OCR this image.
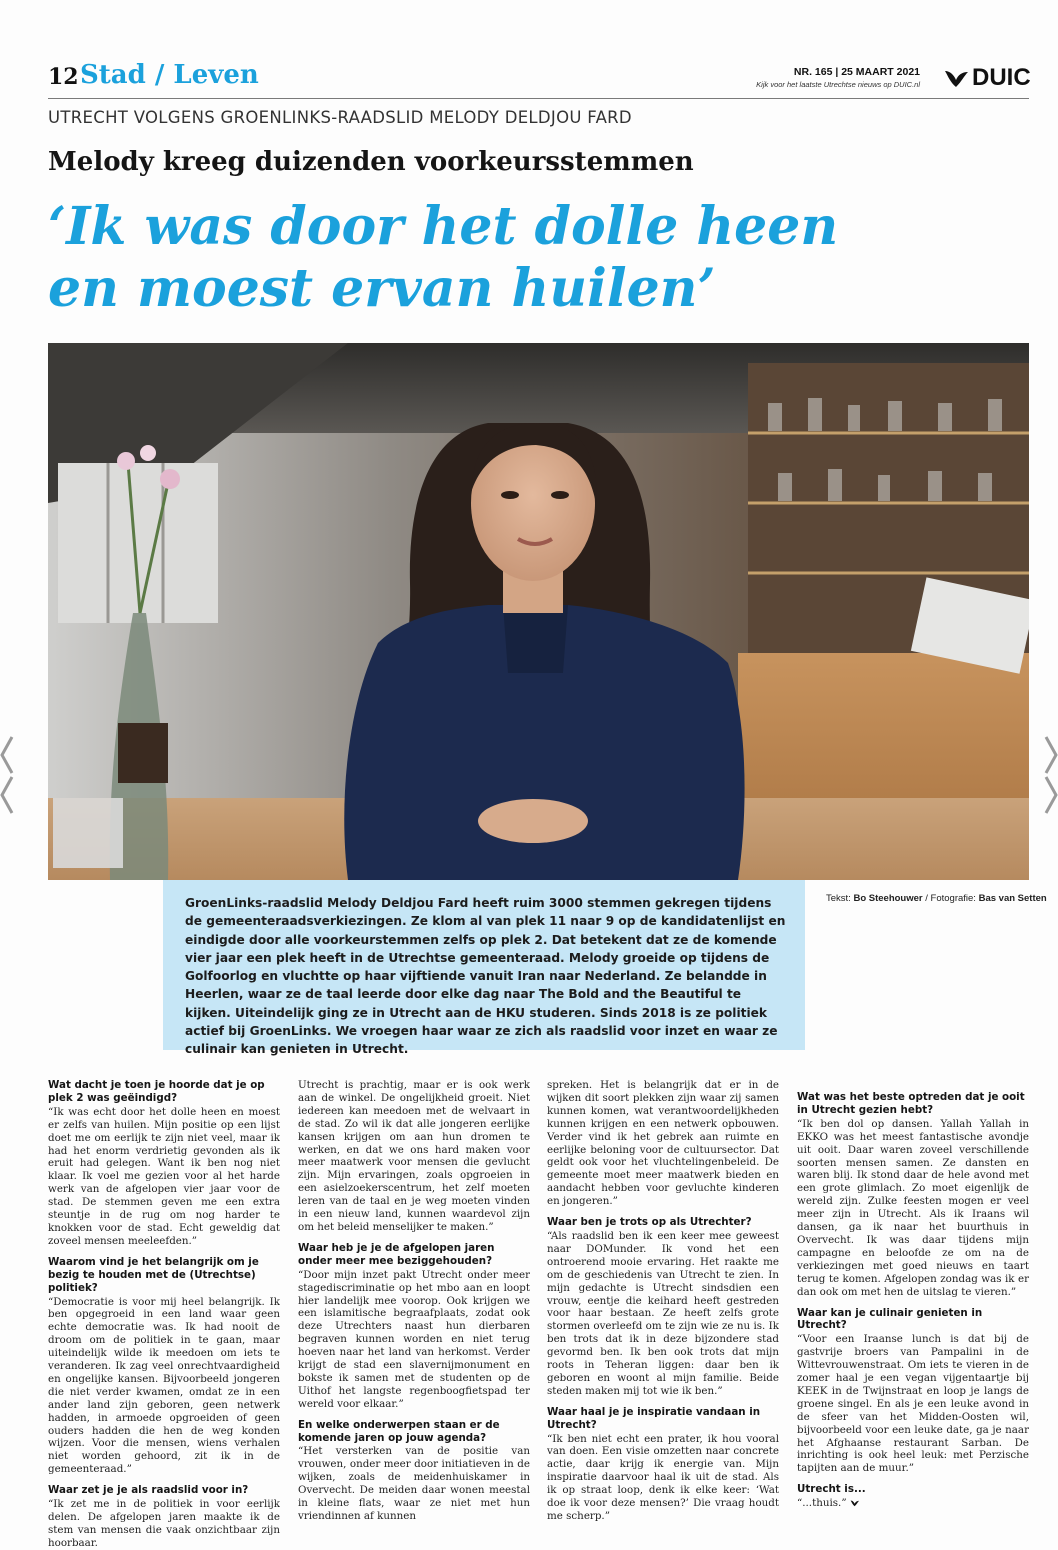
12 Stad / Leven	NR. 165 | 25 MAART 2021
Kijk voor het laatste Utrechtse nieuws op DUIC.nl DUIC
UTRECHT VOLGENS GROENLINKS-RAADSLID MELODY DELDJOU FARD
Melody kreeg duizenden voorkeursstemmen
‘Ik was door het dolle heen
en moest ervan huilen’
GroenLinks-raadslid Melody Deldjou Fard heeft ruim 3000 stemmen gekregen tijdens de gemeenteraadsverkiezingen. Ze klom al van plek 11 naar 9 op de kandidatenlijst en eindigde door alle voorkeurstemmen zelfs op plek 2. Dat betekent dat ze de komende vier jaar een plek heeft in de Utrechtse gemeenteraad. Melody groeide op tijdens de Golfoorlog en vluchtte op haar vijftiende vanuit Iran naar Nederland. Ze belandde in Heerlen, waar ze de taal leerde door elke dag naar The Bold and the Beautiful te kijken. Uiteindelijk ging ze in Utrecht aan de HKU studeren. Sinds 2018 is ze politiek actief bij GroenLinks. We vroegen haar waar ze zich als raadslid voor inzet en waar ze culinair kan genieten in Utrecht.
Tekst: Bo Steehouwer / Fotografie: Bas van Setten
Wat dacht je toen je hoorde dat je op plek 2 was geëindigd?

“Ik was echt door het dolle heen en moest er zelfs van huilen. Mijn positie op een lijst doet me om eerlijk te zijn niet veel, maar ik had het enorm verdrietig gevonden als ik eruit had gelegen. Want ik ben nog niet klaar. Ik voel me gezien voor al het harde werk van de afgelopen vier jaar voor de stad. De stemmen geven me een extra steuntje in de rug om nog harder te knokken voor de stad. Echt geweldig dat zoveel mensen meeleefden.”

Waarom vind je het belangrijk om je bezig te houden met de (Utrechtse) politiek?

“Democratie is voor mij heel belangrijk. Ik ben opgegroeid in een land waar geen echte democratie was. Ik had nooit de droom om de politiek in te gaan, maar uiteindelijk wilde ik meedoen om iets te veranderen. Ik zag veel onrechtvaardigheid en ongelijke kansen. Bijvoorbeeld jongeren die niet verder kwamen, omdat ze in een ander land zijn geboren, geen netwerk hadden, in armoede opgroeiden of geen ouders hadden die hen de weg konden wijzen. Voor die mensen, wiens verhalen niet worden gehoord, zit ik in de gemeenteraad.”

Waar zet je je als raadslid voor in?

“Ik zet me in de politiek in voor eerlijk delen. De afgelopen jaren maakte ik de stem van mensen die vaak onzichtbaar zijn hoorbaar.

Utrecht is prachtig, maar er is ook werk aan de winkel. De ongelijkheid groeit. Niet iedereen kan meedoen met de welvaart in de stad. Zo wil ik dat alle jongeren eerlijke kansen krijgen om aan hun dromen te werken, en dat we ons hard maken voor meer maatwerk voor mensen die gevlucht zijn. Mijn ervaringen, zoals opgroeien in een asielzoekerscentrum, het zelf moeten leren van de taal en je weg moeten vinden in een nieuw land, kunnen waardevol zijn om het beleid menselijker te maken.”

Waar heb je je de afgelopen jaren onder meer mee beziggehouden?

“Door mijn inzet pakt Utrecht onder meer stagediscriminatie op het mbo aan en loopt hier landelijk mee voorop. Ook krijgen we een islamitische begraafplaats, zodat ook deze Utrechters naast hun dierbaren begraven kunnen worden en niet terug hoeven naar het land van herkomst. Verder krijgt de stad een slavernijmonument en bokste ik samen met de studenten op de Uithof het langste regenboogfietspad ter wereld voor elkaar.”

En welke onderwerpen staan er de komende jaren op jouw agenda?

“Het versterken van de positie van vrouwen, onder meer door initiatieven in de wijken, zoals de meidenhuiskamer in Overvecht. De meiden daar wonen meestal in kleine flats, waar ze niet met hun vriendinnen af kunnen

spreken. Het is belangrijk dat er in de wijken dit soort plekken zijn waar zij samen kunnen komen, wat verantwoordelijkheden kunnen krijgen en een netwerk opbouwen. Verder vind ik het gebrek aan ruimte en eerlijke beloning voor de cultuursector. Dat geldt ook voor het vluchtelingenbeleid. De gemeente moet meer maatwerk bieden en aandacht hebben voor gevluchte kinderen en jongeren.”

Waar ben je trots op als Utrechter?

“Als raadslid ben ik een keer mee geweest naar DOMunder. Ik vond het een ontroerend mooie ervaring. Het raakte me om de geschiedenis van Utrecht te zien. In mijn gedachte is Utrecht sindsdien een vrouw, eentje die keihard heeft gestreden voor haar bestaan. Ze heeft zelfs grote stormen overleefd om te zijn wie ze nu is. Ik ben trots dat ik in deze bijzondere stad gevormd ben. Ik ben ook trots dat mijn roots in Teheran liggen: daar ben ik geboren en woont al mijn familie. Beide steden maken mij tot wie ik ben.”

Waar haal je je inspiratie vandaan in Utrecht?

“Ik ben niet echt een prater, ik hou vooral van doen. Een visie omzetten naar concrete actie, daar krijg ik energie van. Mijn inspiratie daarvoor haal ik uit de stad. Als ik op straat loop, denk ik elke keer: ‘Wat doe ik voor deze mensen?’ Die vraag houdt me scherp.”

Wat was het beste optreden dat je ooit in Utrecht gezien hebt?

“Ik ben dol op dansen. Yallah Yallah in EKKO was het meest fantastische avondje uit ooit. Daar waren zoveel verschillende soorten mensen samen. Ze dansten en waren blij. Ik stond daar de hele avond met een grote glimlach. Zo moet eigenlijk de wereld zijn. Zulke feesten mogen er veel meer zijn in Utrecht. Als ik Iraans wil dansen, ga ik naar het buurthuis in Overvecht. Ik was daar tijdens mijn campagne en beloofde ze om na de verkiezingen met goed nieuws en taart terug te komen. Afgelopen zondag was ik er dan ook om met hen de uitslag te vieren.”

Waar kan je culinair genieten in Utrecht?

“Voor een Iraanse lunch is dat bij de gastvrije broers van Pampalini in de Wittevrouwenstraat. Om iets te vieren in de zomer haal je een vegan vijgentaartje bij KEEK in de Twijnstraat en loop je langs de groene singel. En als je een leuke avond in de sfeer van het Midden-Oosten wil, bijvoorbeeld voor een leuke date, ga je naar het Afghaanse restaurant Sarban. De inrichting is ook heel leuk: met Perzische tapijten aan de muur.”

Utrecht is...

“...thuis.”
